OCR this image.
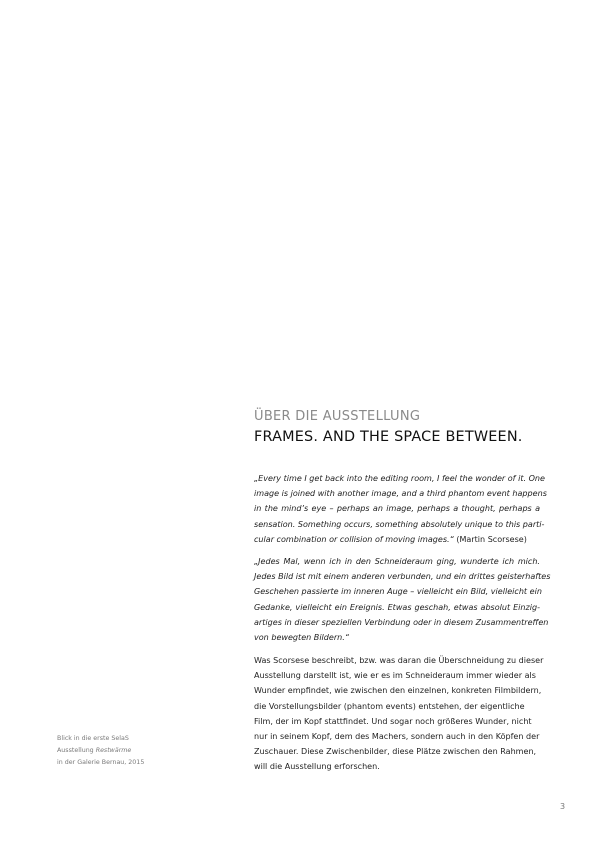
ÜBER DIE AUSSTELLUNG
FRAMES. AND THE SPACE BETWEEN.
„Every time I get back into the editing room, I feel the wonder of it. One
image is joined with another image, and a third phantom event happens
in the mind’s eye – perhaps an image, perhaps a thought, perhaps a
sensation. Something occurs, something absolutely unique to this parti-
cular combination or collision of moving images.“ (Martin Scorsese)
„Jedes Mal, wenn ich in den Schneideraum ging, wunderte ich mich.
Jedes Bild ist mit einem anderen verbunden, und ein drittes geisterhaftes
Geschehen passierte im inneren Auge – vielleicht ein Bild, vielleicht ein
Gedanke, vielleicht ein Ereignis. Etwas geschah, etwas absolut Einzig-
artiges in dieser speziellen Verbindung oder in diesem Zusammentreffen
von bewegten Bildern.“
Was Scorsese beschreibt, bzw. was daran die Überschneidung zu dieser
Ausstellung darstellt ist, wie er es im Schneideraum immer wieder als
Wunder empfindet, wie zwischen den einzelnen, konkreten Filmbildern,
die Vorstellungsbilder (phantom events) entstehen, der eigentliche
Film, der im Kopf stattfindet. Und sogar noch größeres Wunder, nicht
nur in seinem Kopf, dem des Machers, sondern auch in den Köpfen der
Zuschauer. Diese Zwischenbilder, diese Plätze zwischen den Rahmen,
will die Ausstellung erforschen.
Blick in die erste SelaS
Ausstellung Restwärme
in der Galerie Bernau, 2015
3
